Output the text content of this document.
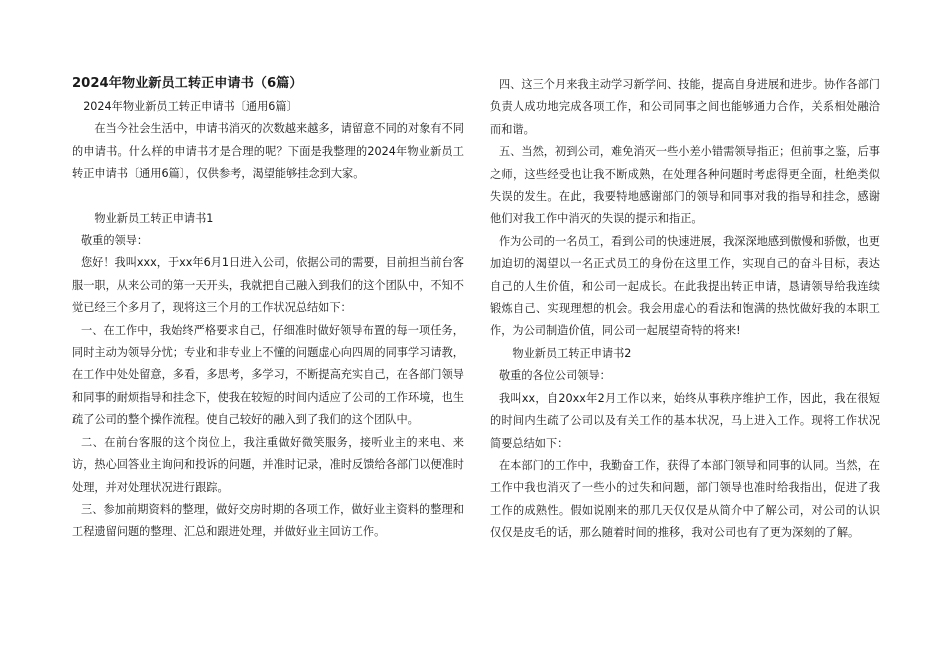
2024年物业新员工转正申请书（6篇）

2024年物业新员工转正申请书〔通用6篇〕

在当今社会生活中，申请书消灭的次数越来越多，请留意不同的对象有不同的申请书。什么样的申请书才是合理的呢？下面是我整理的2024年物业新员工转正申请书〔通用6篇〕，仅供参考，渴望能够挂念到大家。

物业新员工转正申请书1

敬重的领导：

您好！我叫xxx，于xx年6月1日进入公司，依据公司的需要，目前担当前台客服一职，从来公司的第一天开头，我就把自己融入到我们的这个团队中，不知不觉已经三个多月了，现将这三个月的工作状况总结如下：

一、在工作中，我始终严格要求自己，仔细准时做好领导布置的每一项任务，同时主动为领导分忧；专业和非专业上不懂的问题虚心向四周的同事学习请教，在工作中处处留意，多看，多思考，多学习，不断提高充实自己，在各部门领导和同事的耐烦指导和挂念下，使我在较短的时间内适应了公司的工作环境，也生疏了公司的整个操作流程。使自己较好的融入到了我们的这个团队中。

二、在前台客服的这个岗位上，我注重做好微笑服务，接听业主的来电、来访，热心回答业主询问和投诉的问题，并准时记录，准时反馈给各部门以便准时处理，并对处理状况进行跟踪。

三、参加前期资料的整理，做好交房时期的各项工作，做好业主资料的整理和工程遗留问题的整理、汇总和跟进处理，并做好业主回访工作。

四、这三个月来我主动学习新学问、技能，提高自身进展和进步。协作各部门负责人成功地完成各项工作，和公司同事之间也能够通力合作，关系相处融洽而和谐。

五、当然，初到公司，难免消灭一些小差小错需领导指正；但前事之鉴，后事之师，这些经受也让我不断成熟，在处理各种问题时考虑得更全面，杜绝类似失误的发生。在此，我要特地感谢部门的领导和同事对我的指导和挂念，感谢他们对我工作中消灭的失误的提示和指正。

作为公司的一名员工，看到公司的快速进展，我深深地感到傲慢和骄傲，也更加迫切的渴望以一名正式员工的身份在这里工作，实现自己的奋斗目标，表达自己的人生价值，和公司一起成长。在此我提出转正申请，恳请领导给我连续锻炼自己、实现理想的机会。我会用虚心的看法和饱满的热忱做好我的本职工作，为公司制造价值，同公司一起展望奇特的将来!

物业新员工转正申请书2

敬重的各位公司领导：

我叫xx，自20xx年2月工作以来，始终从事秩序维护工作，因此，我在很短的时间内生疏了公司以及有关工作的基本状况，马上进入工作。现将工作状况简要总结如下：

在本部门的工作中，我勤奋工作，获得了本部门领导和同事的认同。当然，在工作中我也消灭了一些小的过失和问题，部门领导也准时给我指出，促进了我工作的成熟性。假如说刚来的那几天仅仅是从简介中了解公司，对公司的认识仅仅是皮毛的话，那么随着时间的推移，我对公司也有了更为深刻的了解。
